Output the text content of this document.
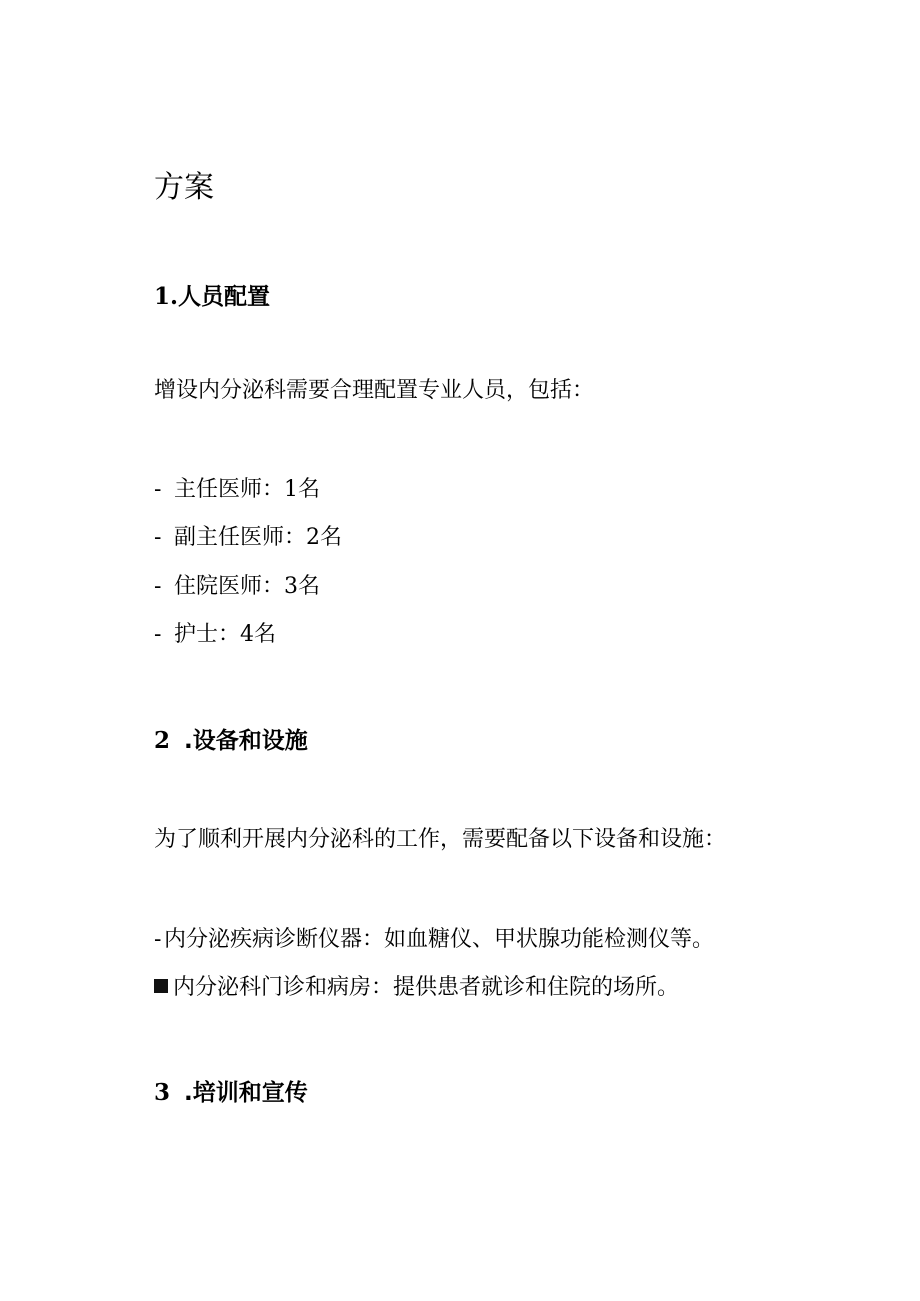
方案
1.人员配置
增设内分泌科需要合理配置专业人员，包括：
- 主任医师：1名
- 副主任医师：2名
- 住院医师：3名
- 护士：4名
2 .设备和设施
为了顺利开展内分泌科的工作，需要配备以下设备和设施：
- 内分泌疾病诊断仪器：如血糖仪、甲状腺功能检测仪等。
内分泌科门诊和病房：提供患者就诊和住院的场所。
3 .培训和宣传
